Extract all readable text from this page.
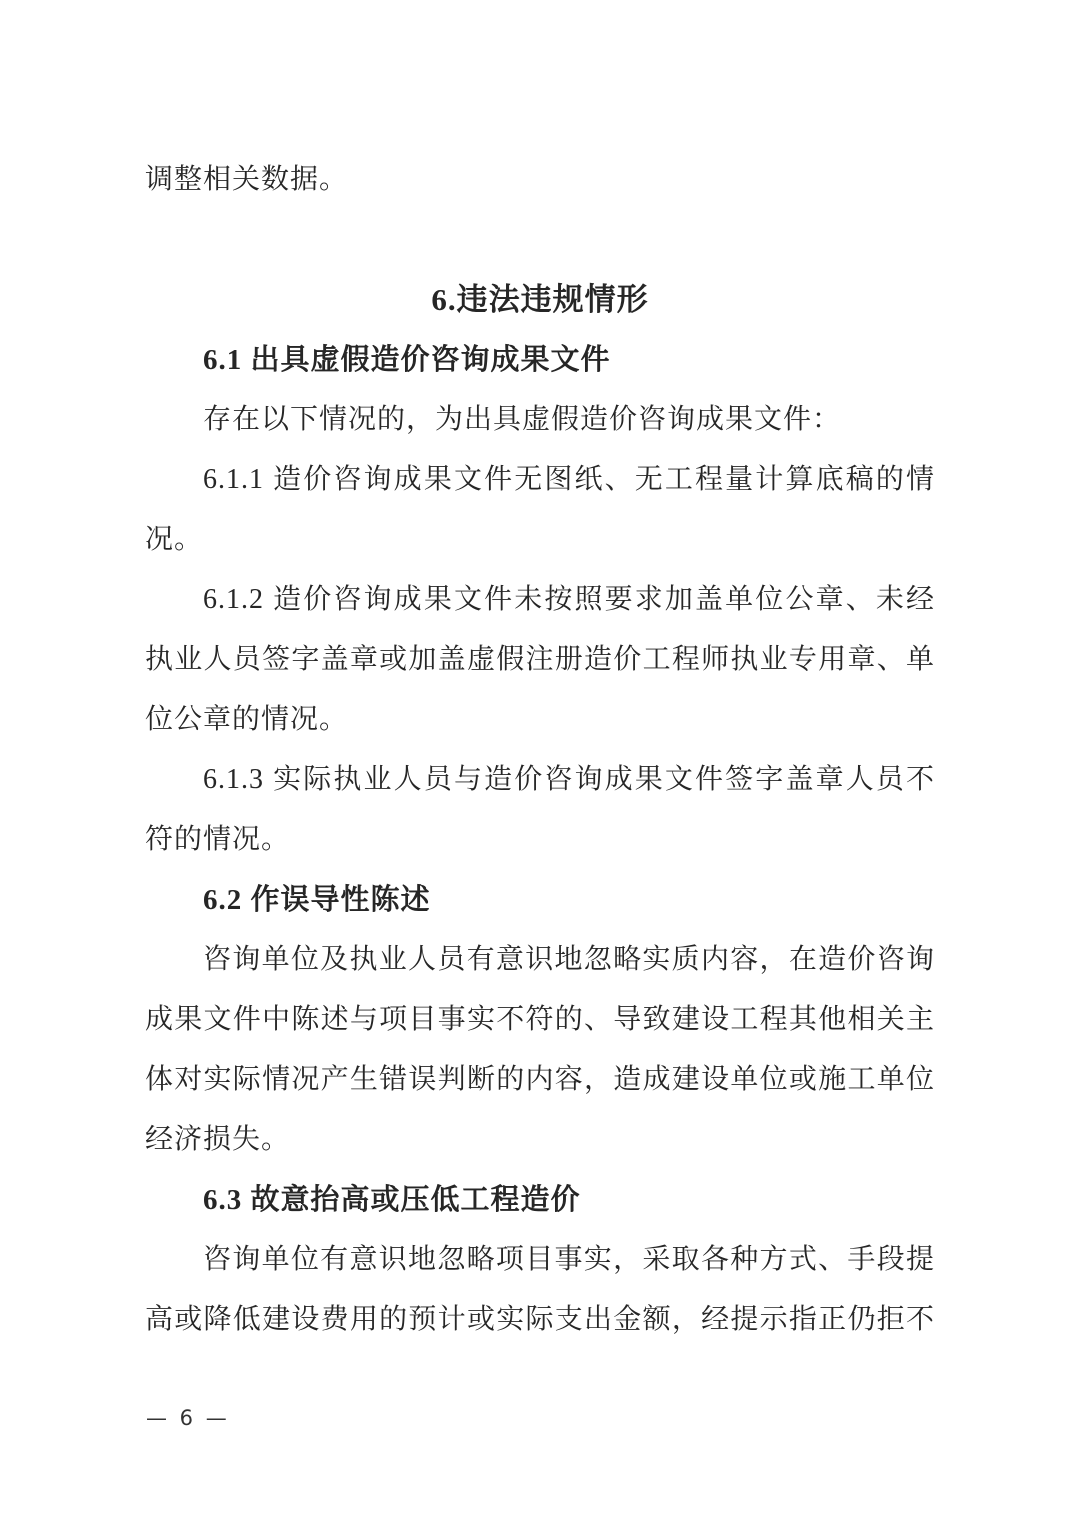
调整相关数据。
6.违法违规情形
6.1 出具虚假造价咨询成果文件
存在以下情况的，为出具虚假造价咨询成果文件：
6.1.1 造价咨询成果文件无图纸、无工程量计算底稿的情
况。
6.1.2 造价咨询成果文件未按照要求加盖单位公章、未经
执业人员签字盖章或加盖虚假注册造价工程师执业专用章、单
位公章的情况。
6.1.3 实际执业人员与造价咨询成果文件签字盖章人员不
符的情况。
6.2 作误导性陈述
咨询单位及执业人员有意识地忽略实质内容，在造价咨询
成果文件中陈述与项目事实不符的、导致建设工程其他相关主
体对实际情况产生错误判断的内容，造成建设单位或施工单位
经济损失。
6.3 故意抬高或压低工程造价
咨询单位有意识地忽略项目事实，采取各种方式、手段提
高或降低建设费用的预计或实际支出金额，经提示指正仍拒不
— 6 —
